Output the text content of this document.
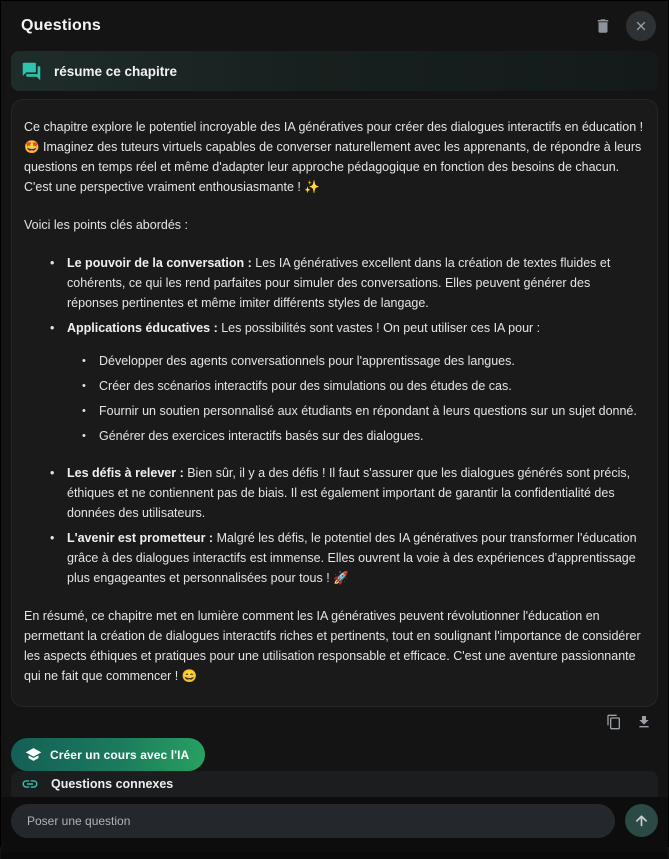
Questions
résume ce chapitre

Ce chapitre explore le potentiel incroyable des IA génératives pour créer des dialogues interactifs en éducation ! 🤩 Imaginez des tuteurs virtuels capables de converser naturellement avec les apprenants, de répondre à leurs questions en temps réel et même d'adapter leur approche pédagogique en fonction des besoins de chacun. C'est une perspective vraiment enthousiasmante ! ✨

Voici les points clés abordés :

• Le pouvoir de la conversation : Les IA génératives excellent dans la création de textes fluides et cohérents, ce qui les rend parfaites pour simuler des conversations. Elles peuvent générer des réponses pertinentes et même imiter différents styles de langage.
• Applications éducatives : Les possibilités sont vastes ! On peut utiliser ces IA pour :
• Développer des agents conversationnels pour l'apprentissage des langues.
• Créer des scénarios interactifs pour des simulations ou des études de cas.
• Fournir un soutien personnalisé aux étudiants en répondant à leurs questions sur un sujet donné.
• Générer des exercices interactifs basés sur des dialogues.
• Les défis à relever : Bien sûr, il y a des défis ! Il faut s'assurer que les dialogues générés sont précis, éthiques et ne contiennent pas de biais. Il est également important de garantir la confidentialité des données des utilisateurs.
• L'avenir est prometteur : Malgré les défis, le potentiel des IA génératives pour transformer l'éducation grâce à des dialogues interactifs est immense. Elles ouvrent la voie à des expériences d'apprentissage plus engageantes et personnalisées pour tous ! 🚀

En résumé, ce chapitre met en lumière comment les IA génératives peuvent révolutionner l'éducation en permettant la création de dialogues interactifs riches et pertinents, tout en soulignant l'importance de considérer les aspects éthiques et pratiques pour une utilisation responsable et efficace. C'est une aventure passionnante qui ne fait que commencer ! 😄

Créer un cours avec l'IA
Questions connexes
Poser une question
